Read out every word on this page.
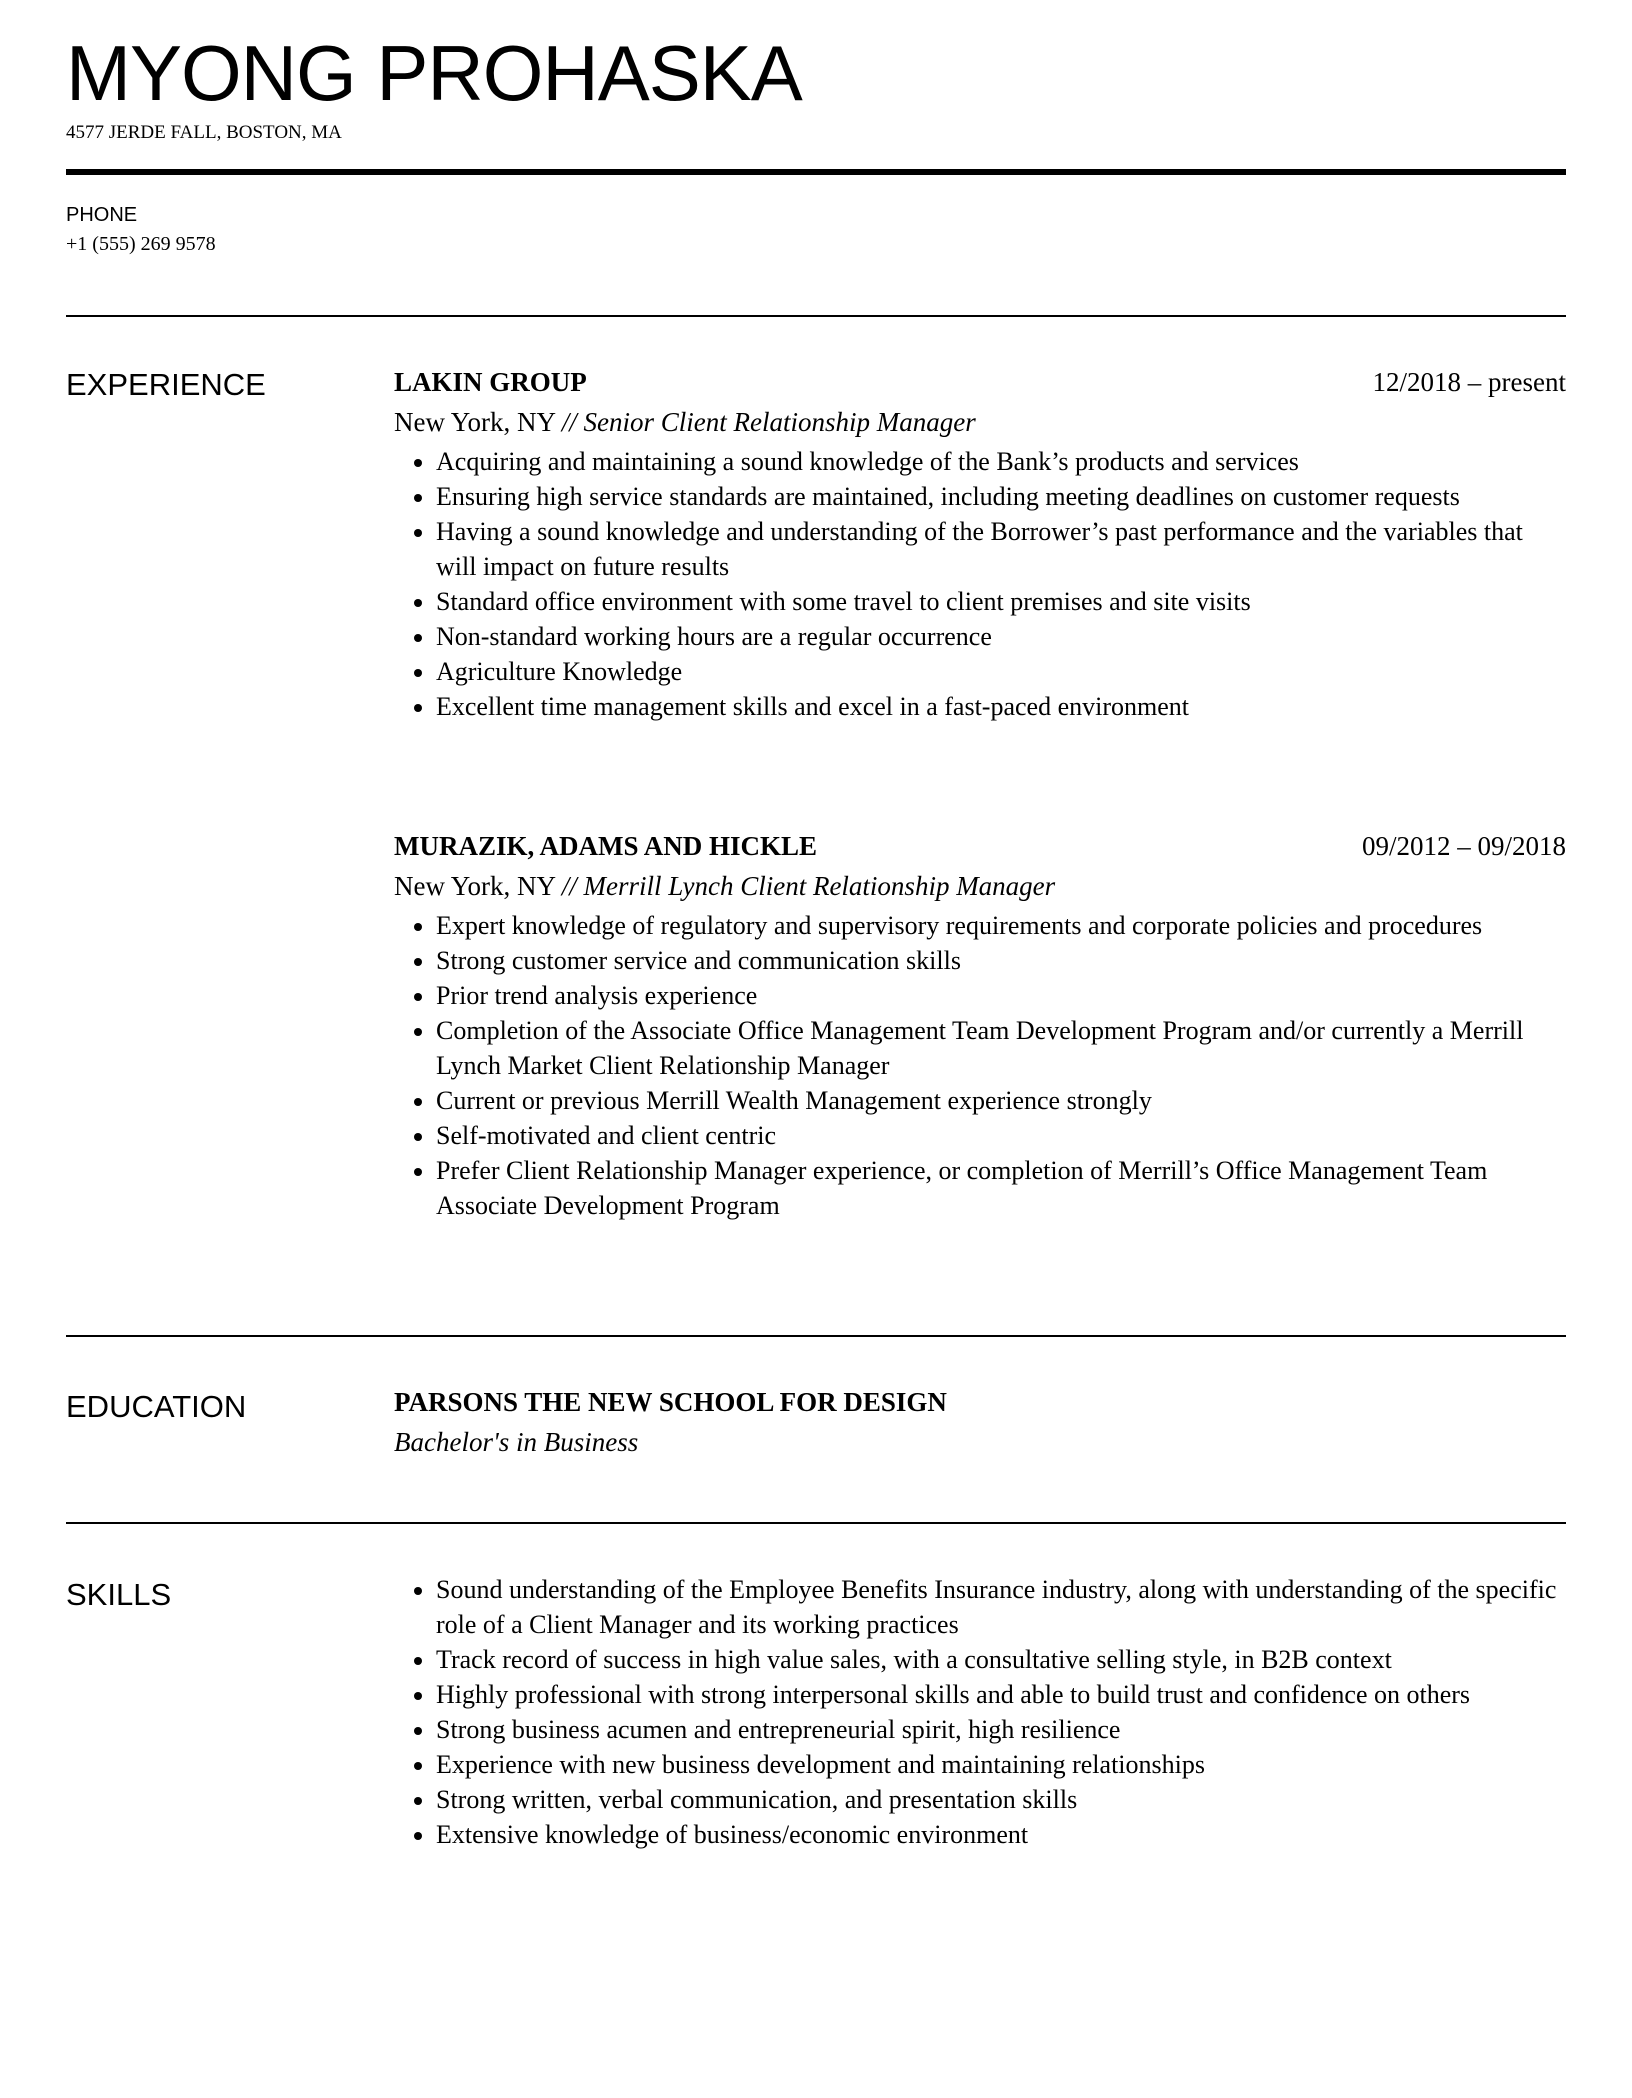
MYONG PROHASKA
4577 JERDE FALL, BOSTON, MA
PHONE
+1 (555) 269 9578
EXPERIENCE	LAKIN GROUP	12/2018 – present
New York, NY // Senior Client Relationship Manager
Acquiring and maintaining a sound knowledge of the Bank’s products and services
Ensuring high service standards are maintained, including meeting deadlines on customer requests
Having a sound knowledge and understanding of the Borrower’s past performance and the variables that will impact on future results
Standard office environment with some travel to client premises and site visits
Non-standard working hours are a regular occurrence
Agriculture Knowledge
Excellent time management skills and excel in a fast-paced environment
MURAZIK, ADAMS AND HICKLE	09/2012 – 09/2018
New York, NY // Merrill Lynch Client Relationship Manager
Expert knowledge of regulatory and supervisory requirements and corporate policies and procedures
Strong customer service and communication skills
Prior trend analysis experience
Completion of the Associate Office Management Team Development Program and/or currently a Merrill Lynch Market Client Relationship Manager
Current or previous Merrill Wealth Management experience strongly
Self-motivated and client centric
Prefer Client Relationship Manager experience, or completion of Merrill’s Office Management Team Associate Development Program
EDUCATION	PARSONS THE NEW SCHOOL FOR DESIGN
Bachelor's in Business
SKILLS	Sound understanding of the Employee Benefits Insurance industry, along with understanding of the specific role of a Client Manager and its working practices
Track record of success in high value sales, with a consultative selling style, in B2B context
Highly professional with strong interpersonal skills and able to build trust and confidence on others
Strong business acumen and entrepreneurial spirit, high resilience
Experience with new business development and maintaining relationships
Strong written, verbal communication, and presentation skills
Extensive knowledge of business/economic environment
